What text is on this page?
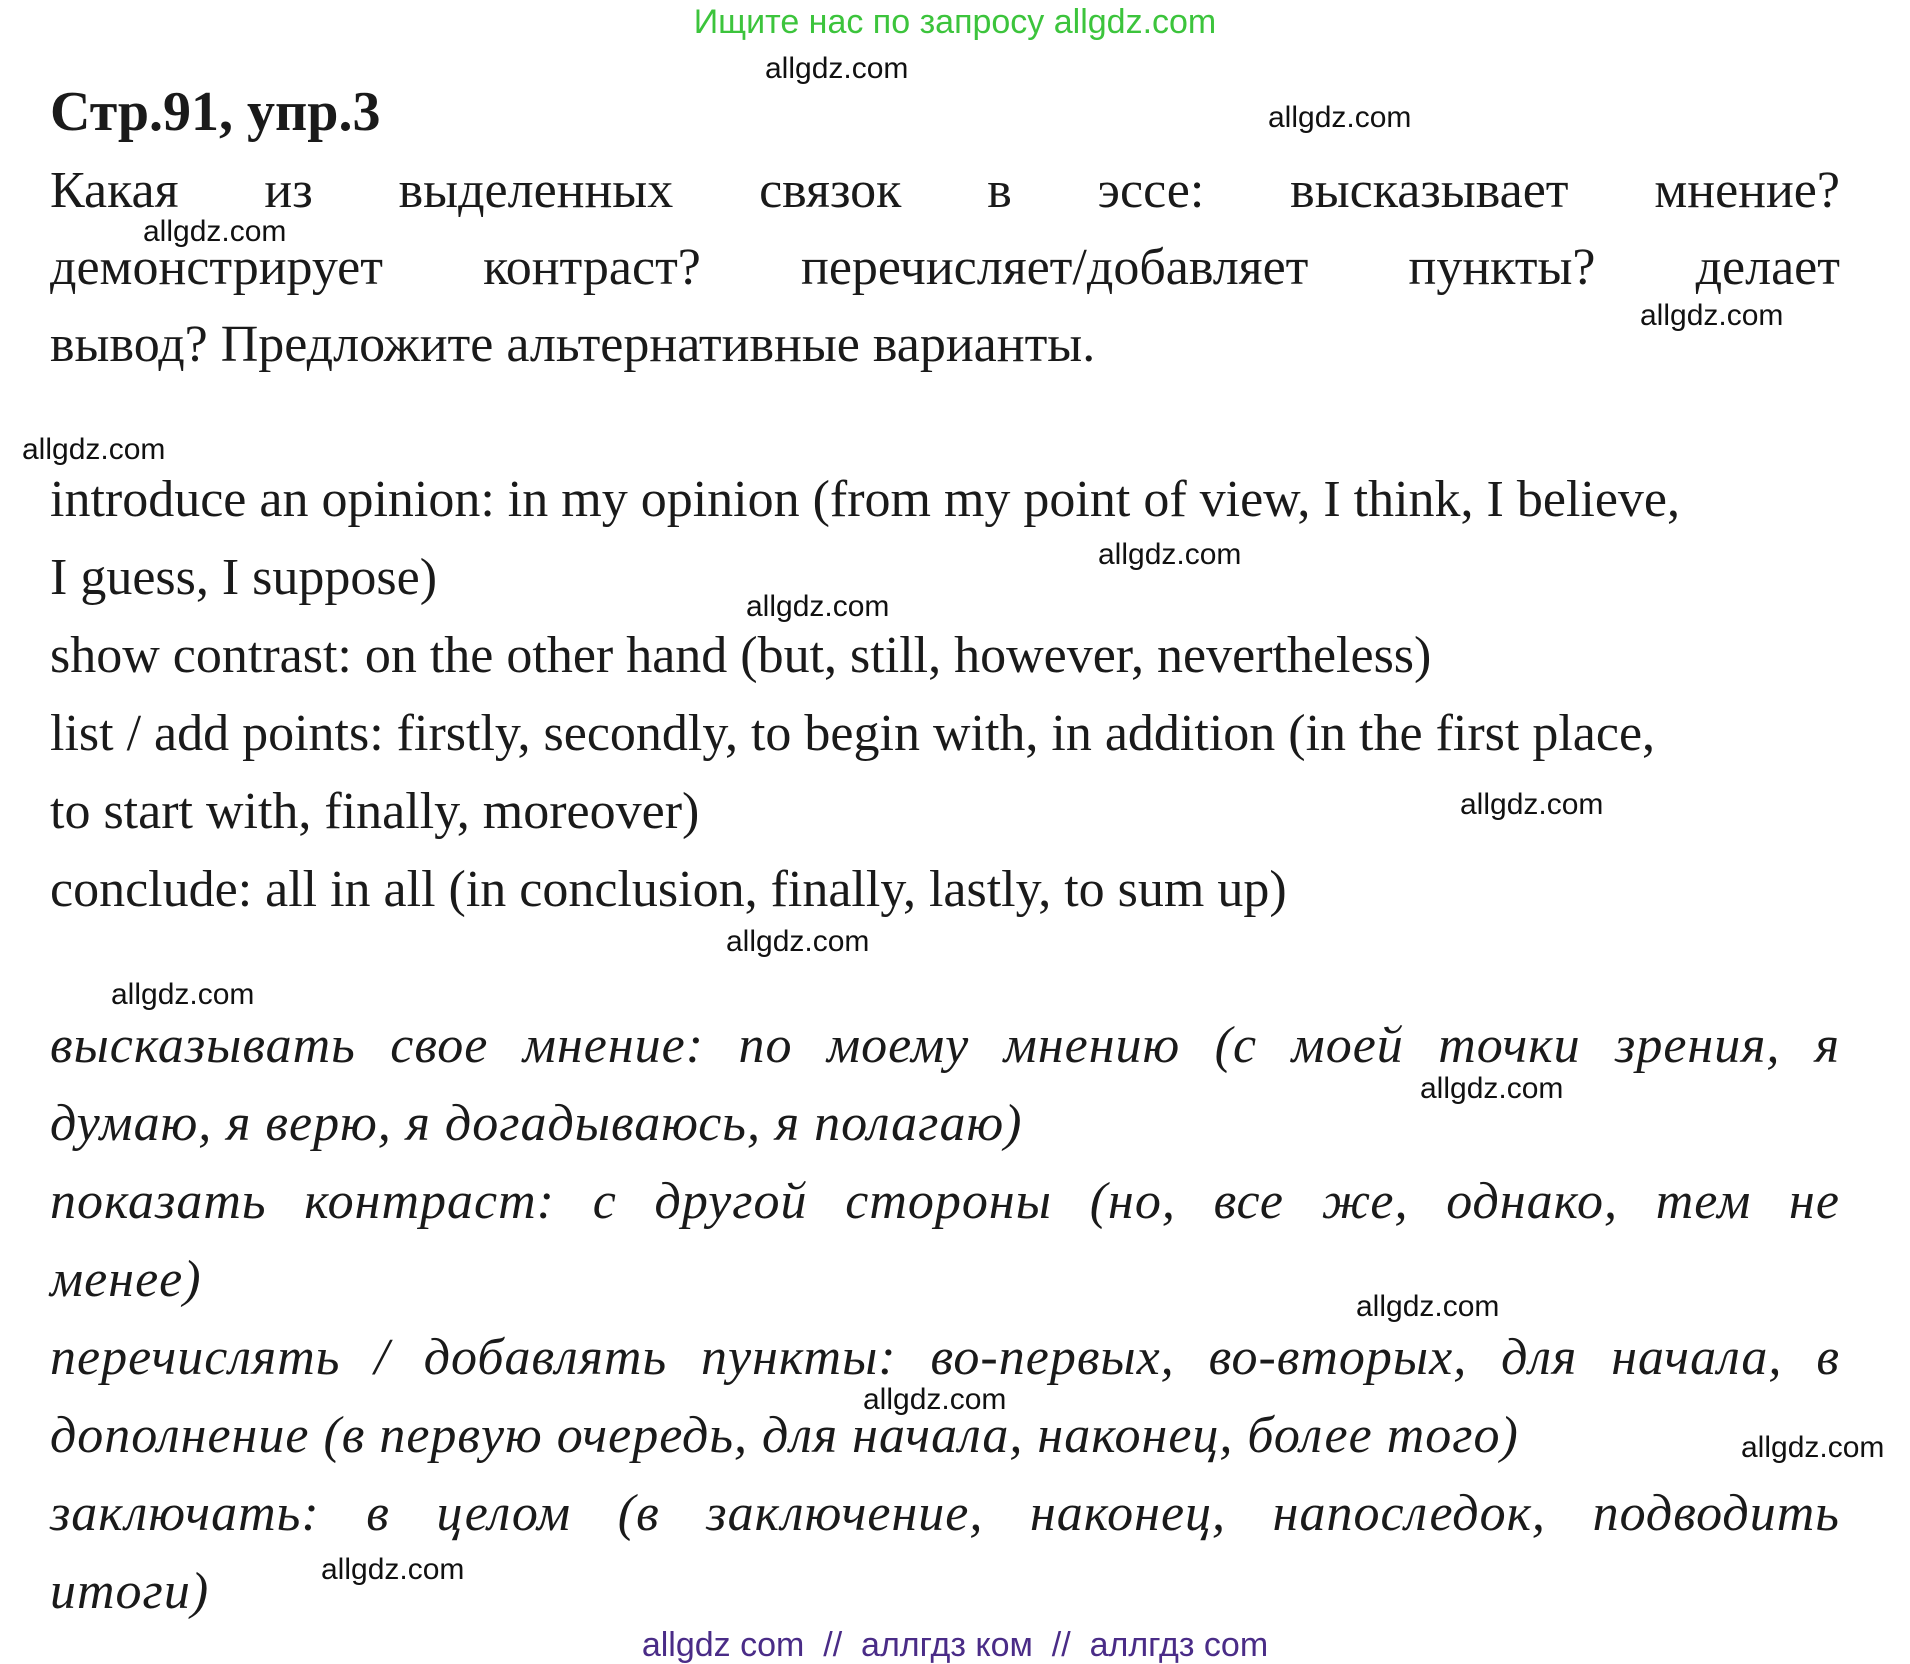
Ищите нас по запросу allgdz.com
Стр.91, упр.3
Какая из выделенных связок в эссе: высказывает мнение?
демонстрирует контраст? перечисляет/добавляет пункты? делает
вывод? Предложите альтернативные варианты.
introduce an opinion: in my opinion (from my point of view, I think, I believe,
I guess, I suppose)
show contrast: on the other hand (but, still, however, nevertheless)
list / add points: firstly, secondly, to begin with, in addition (in the first place,
to start with, finally, moreover)
conclude: all in all (in conclusion, finally, lastly, to sum up)
высказывать свое мнение: по моему мнению (с моей точки зрения, я
думаю, я верю, я догадываюсь, я полагаю)
показать контраст: с другой стороны (но, все же, однако, тем не
менее)
перечислять / добавлять пункты: во-первых, во-вторых, для начала, в
дополнение (в первую очередь, для начала, наконец, более того)
заключать: в целом (в заключение, наконец, напоследок, подводить
итоги)
allgdz.com
allgdz.com
allgdz.com
allgdz.com
allgdz.com
allgdz.com
allgdz.com
allgdz.com
allgdz.com
allgdz.com
allgdz.com
allgdz.com
allgdz.com
allgdz.com
allgdz.com
allgdz com  //  аллгдз ком  //  аллгдз com
